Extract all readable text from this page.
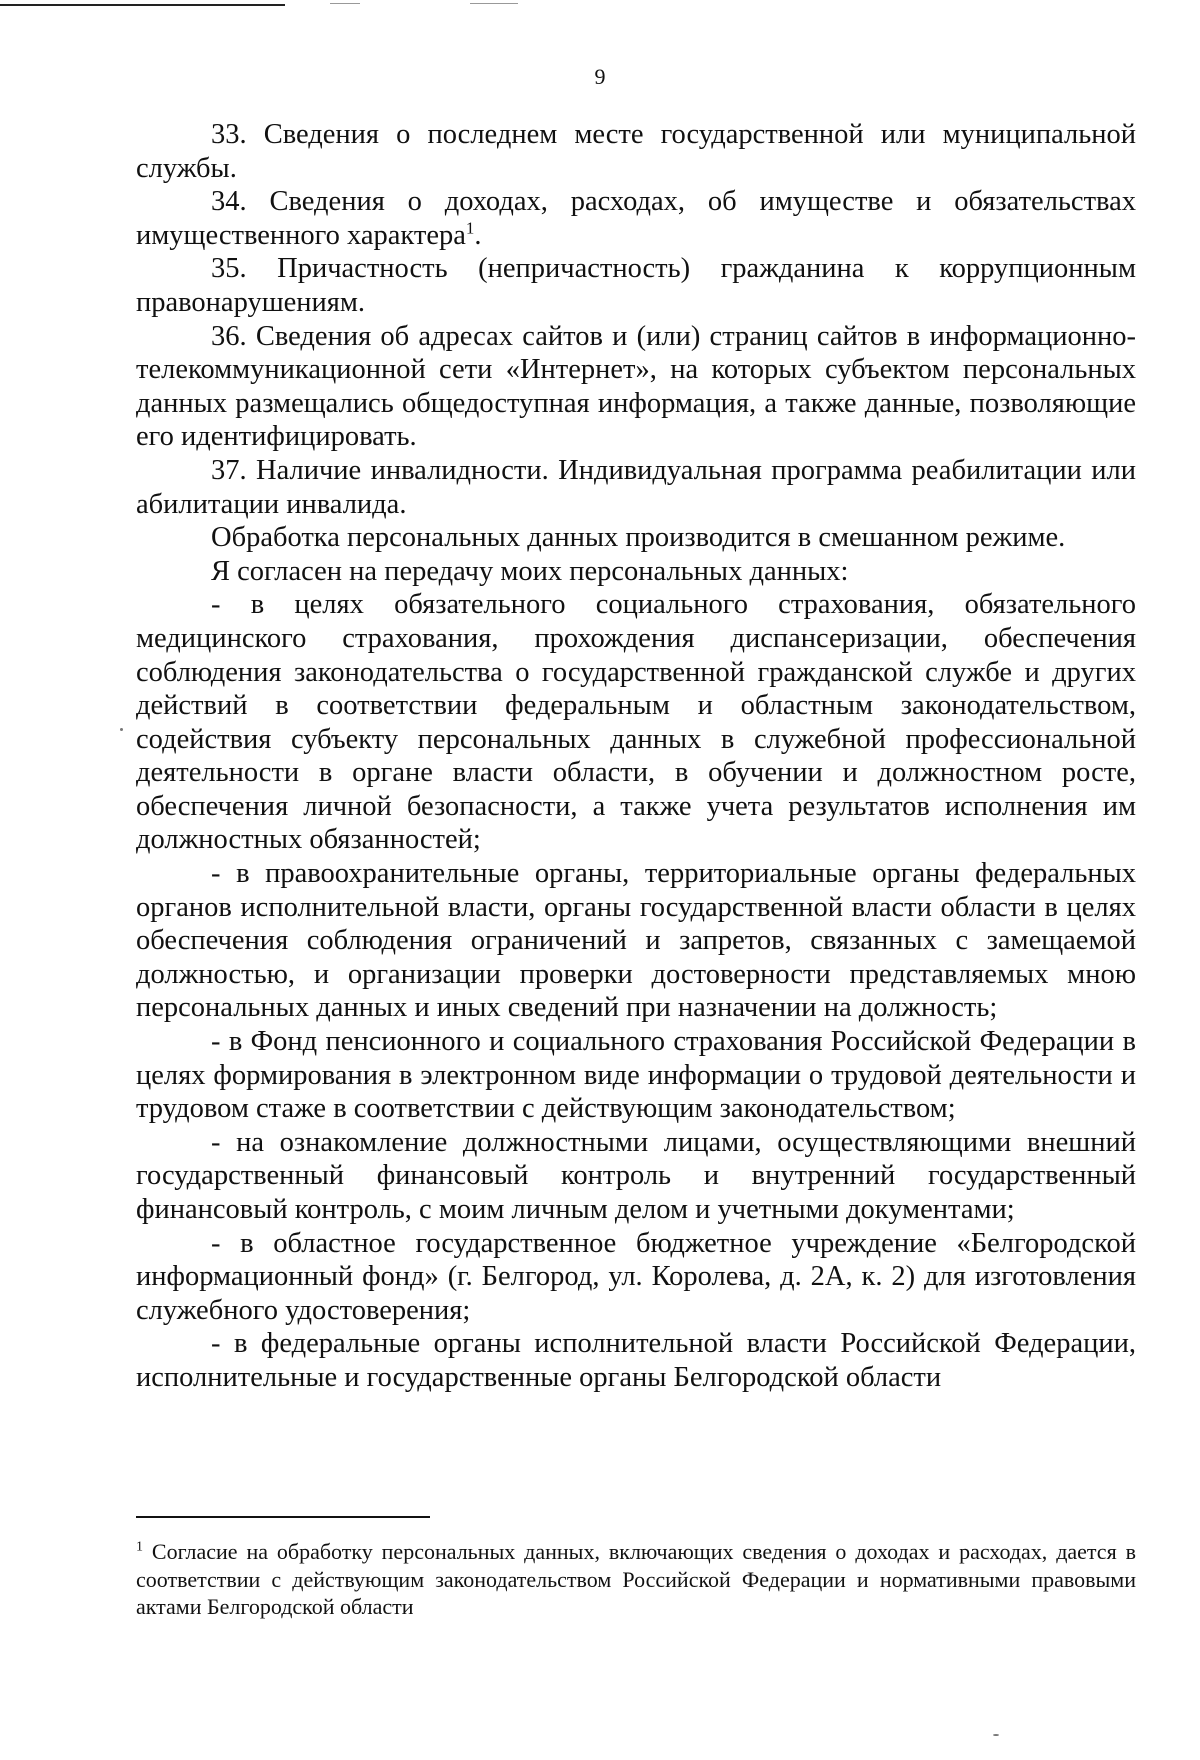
9

33. Сведения о последнем месте государственной или муниципальной службы.

34. Сведения о доходах, расходах, об имуществе и обязательствах имущественного характера$^1$.

35. Причастность (непричастность) гражданина к коррупционным правонарушениям.

36. Сведения об адресах сайтов и (или) страниц сайтов в информационно-телекоммуникационной сети «Интернет», на которых субъектом персональных данных размещались общедоступная информация, а также данные, позволяющие его идентифицировать.

37. Наличие инвалидности. Индивидуальная программа реабилитации или абилитации инвалида.

Обработка персональных данных производится в смешанном режиме.

Я согласен на передачу моих персональных данных:

- в целях обязательного социального страхования, обязательного медицинского страхования, прохождения диспансеризации, обеспечения соблюдения законодательства о государственной гражданской службе и других действий в соответствии федеральным и областным законодательством, содействия субъекту персональных данных в служебной профессиональной деятельности в органе власти области, в обучении и должностном росте, обеспечения личной безопасности, а также учета результатов исполнения им должностных обязанностей;

- в правоохранительные органы, территориальные органы федеральных органов исполнительной власти, органы государственной власти области в целях обеспечения соблюдения ограничений и запретов, связанных с замещаемой должностью, и организации проверки достоверности представляемых мною персональных данных и иных сведений при назначении на должность;

- в Фонд пенсионного и социального страхования Российской Федерации в целях формирования в электронном виде информации о трудовой деятельности и трудовом стаже в соответствии с действующим законодательством;

- на ознакомление должностными лицами, осуществляющими внешний государственный финансовый контроль и внутренний государственный финансовый контроль, с моим личным делом и учетными документами;

- в областное государственное бюджетное учреждение «Белгородской информационный фонд» (г. Белгород, ул. Королева, д. 2А, к. 2) для изготовления служебного удостоверения;

- в федеральные органы исполнительной власти Российской Федерации, исполнительные и государственные органы Белгородской области

$^1$ Согласие на обработку персональных данных, включающих сведения о доходах и расходах, дается в соответствии с действующим законодательством Российской Федерации и нормативными правовыми актами Белгородской области
